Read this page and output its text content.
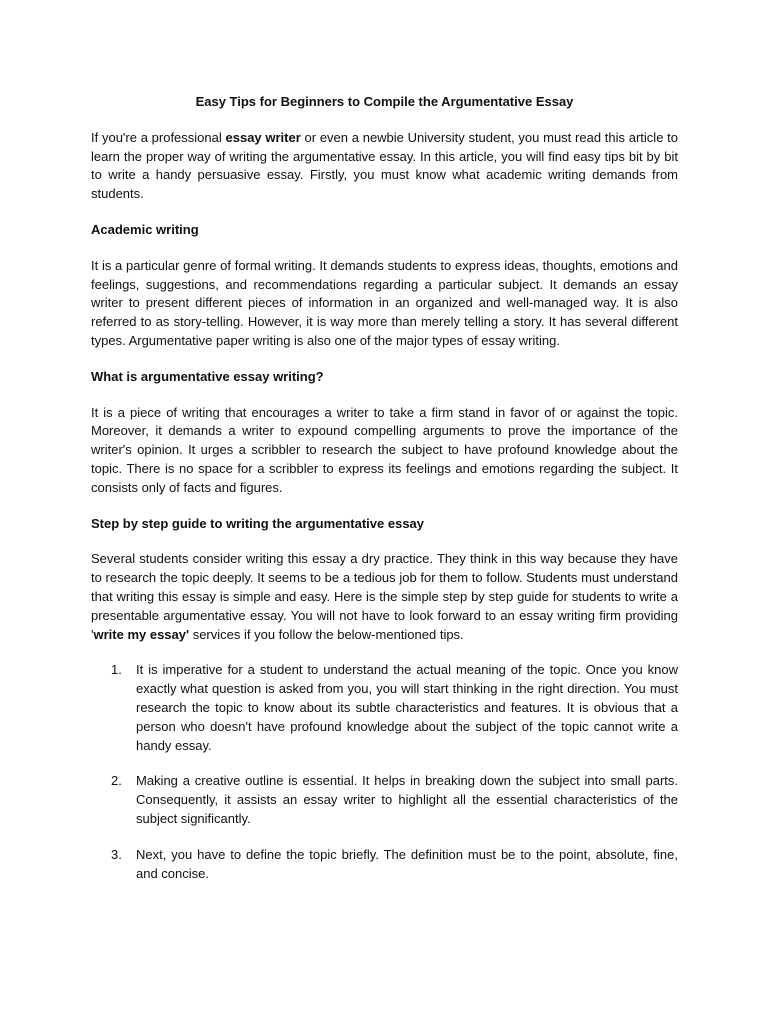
Easy Tips for Beginners to Compile the Argumentative Essay
If you're a professional essay writer or even a newbie University student, you must read this article to learn the proper way of writing the argumentative essay. In this article, you will find easy tips bit by bit to write a handy persuasive essay. Firstly, you must know what academic writing demands from students.
Academic writing
It is a particular genre of formal writing. It demands students to express ideas, thoughts, emotions and feelings, suggestions, and recommendations regarding a particular subject. It demands an essay writer to present different pieces of information in an organized and well-managed way. It is also referred to as story-telling. However, it is way more than merely telling a story. It has several different types. Argumentative paper writing is also one of the major types of essay writing.
What is argumentative essay writing?
It is a piece of writing that encourages a writer to take a firm stand in favor of or against the topic. Moreover, it demands a writer to expound compelling arguments to prove the importance of the writer's opinion. It urges a scribbler to research the subject to have profound knowledge about the topic. There is no space for a scribbler to express its feelings and emotions regarding the subject. It consists only of facts and figures.
Step by step guide to writing the argumentative essay
Several students consider writing this essay a dry practice. They think in this way because they have to research the topic deeply. It seems to be a tedious job for them to follow. Students must understand that writing this essay is simple and easy. Here is the simple step by step guide for students to write a presentable argumentative essay. You will not have to look forward to an essay writing firm providing 'write my essay' services if you follow the below-mentioned tips.
1. It is imperative for a student to understand the actual meaning of the topic. Once you know exactly what question is asked from you, you will start thinking in the right direction. You must research the topic to know about its subtle characteristics and features. It is obvious that a person who doesn't have profound knowledge about the subject of the topic cannot write a handy essay.
2. Making a creative outline is essential. It helps in breaking down the subject into small parts. Consequently, it assists an essay writer to highlight all the essential characteristics of the subject significantly.
3. Next, you have to define the topic briefly. The definition must be to the point, absolute, fine, and concise.
